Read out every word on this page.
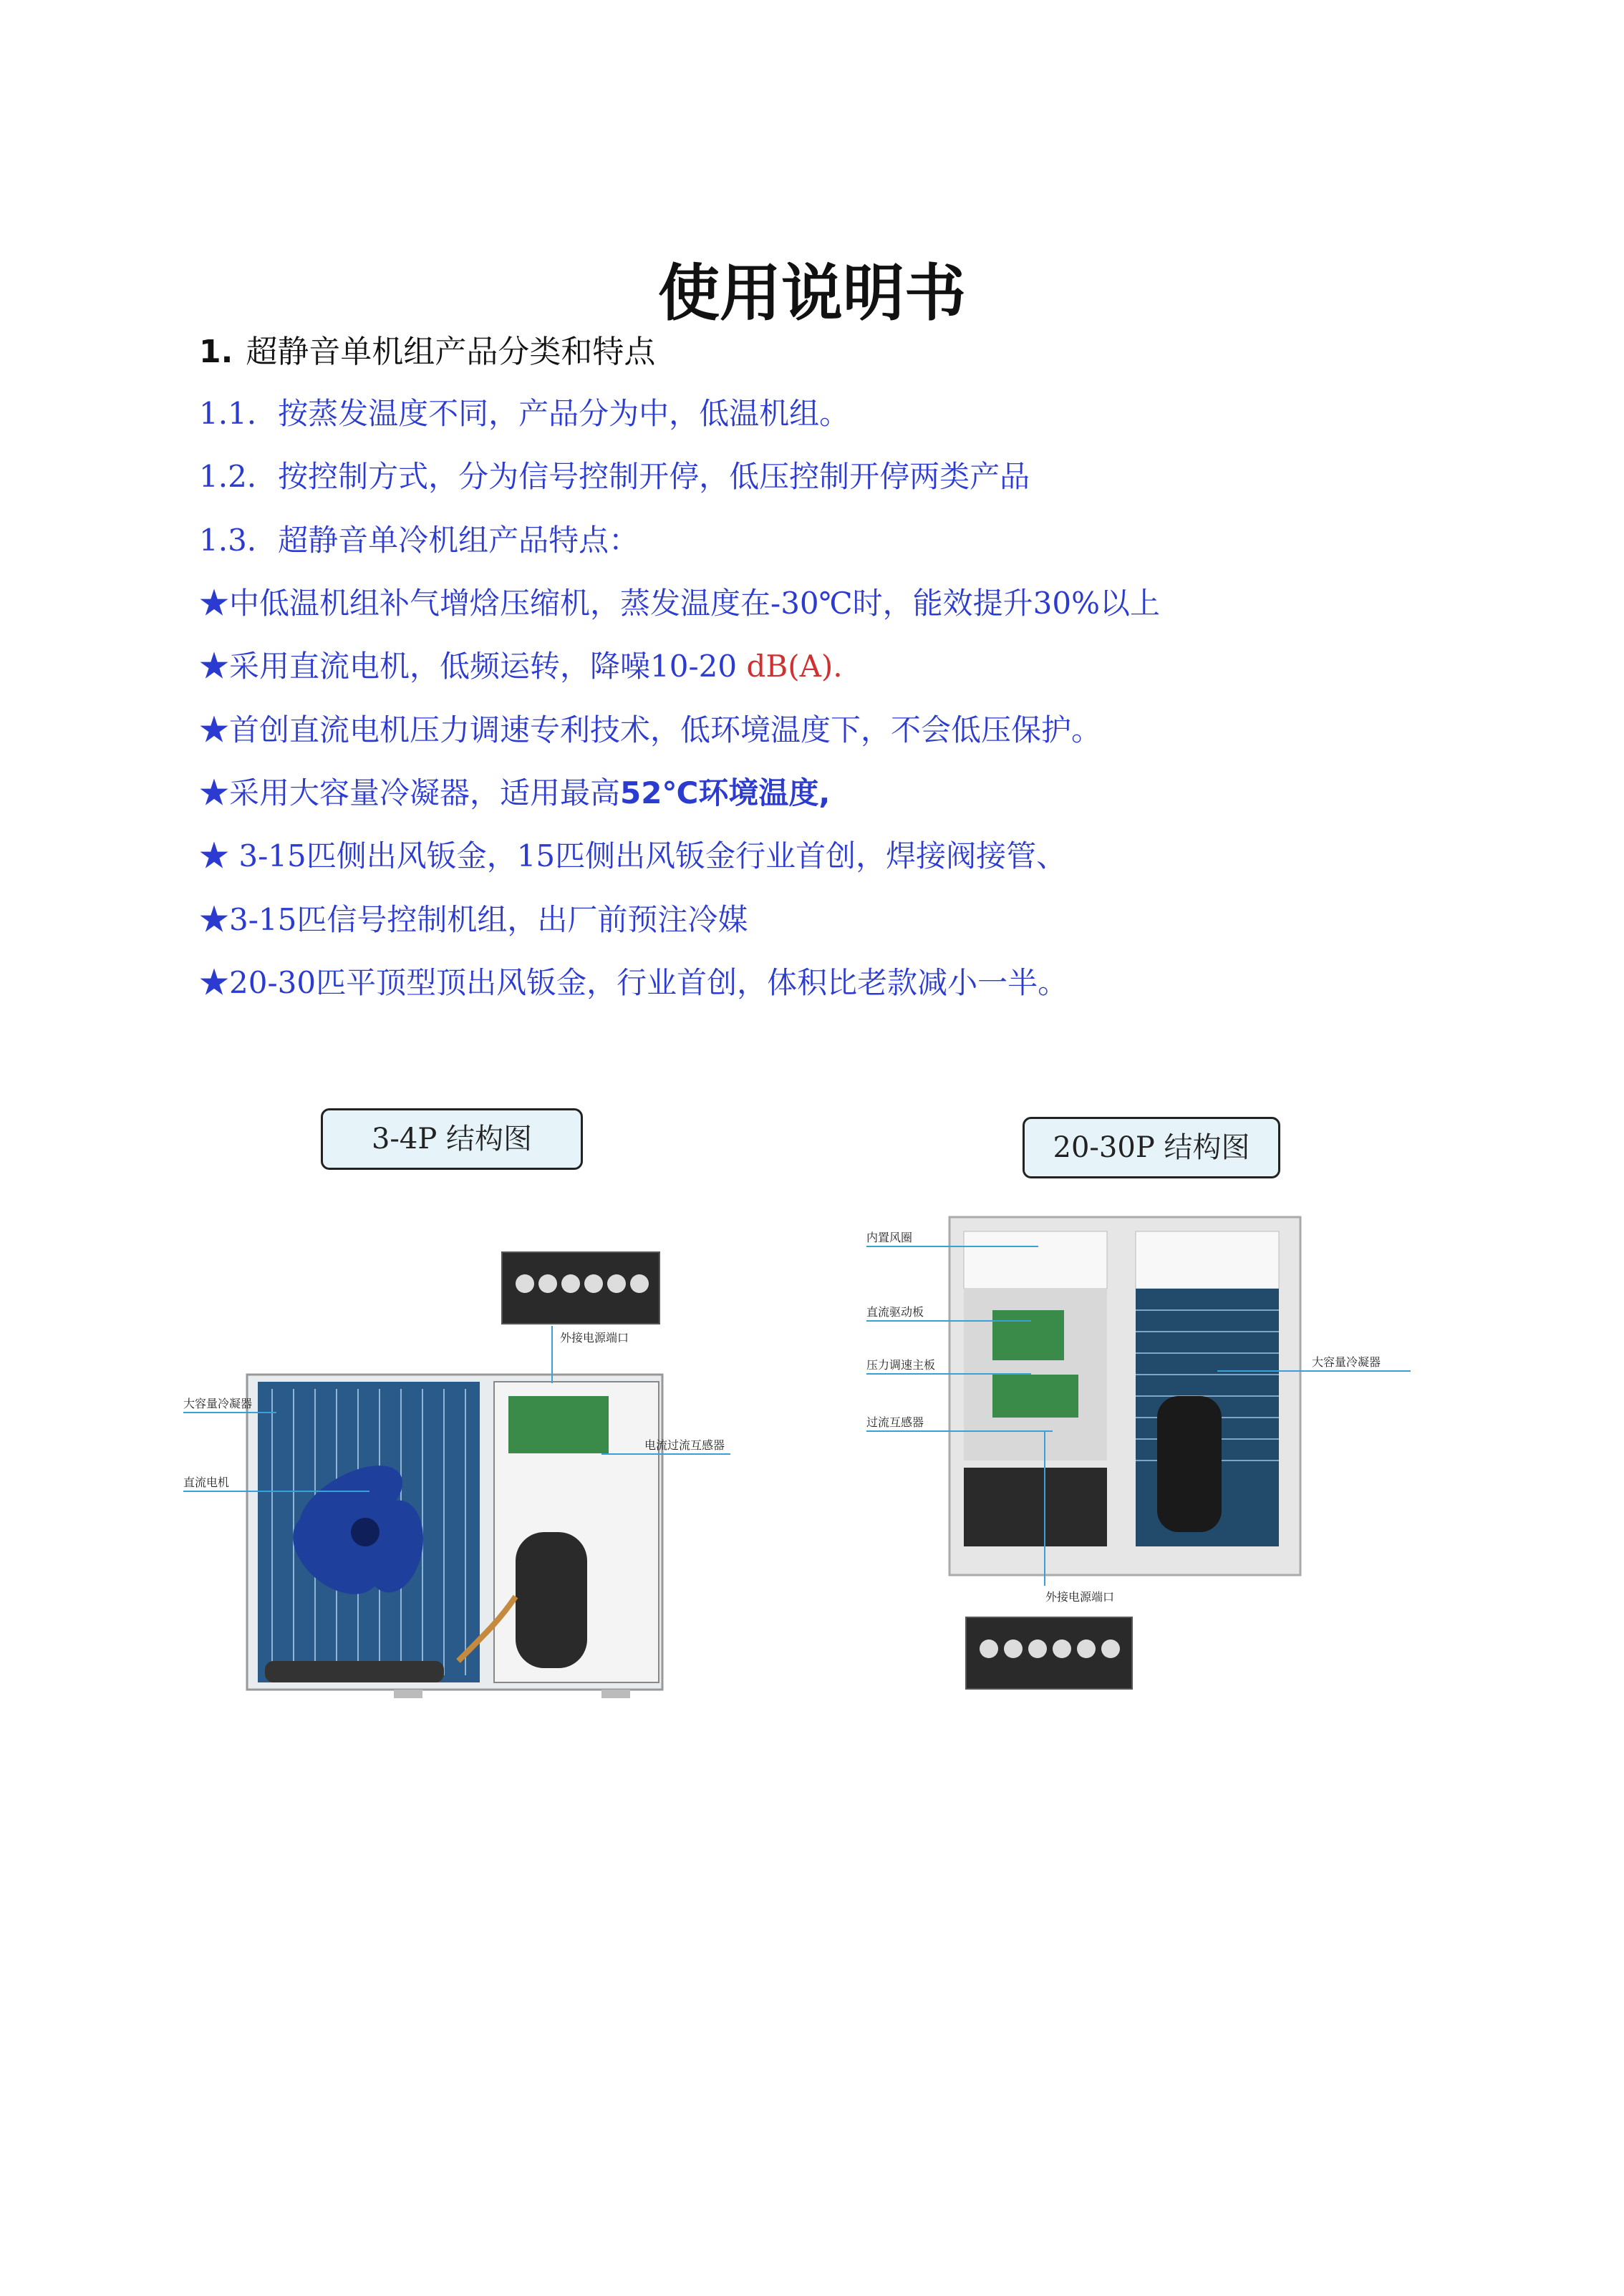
使用说明书
1. 超静音单机组产品分类和特点
1.1. 按蒸发温度不同，产品分为中，低温机组。
1.2. 按控制方式，分为信号控制开停，低压控制开停两类产品
1.3. 超静音单冷机组产品特点：
★中低温机组补气增焓压缩机，蒸发温度在-30℃时，能效提升30%以上
★采用直流电机，低频运转，降噪10-20 dB(A).
★首创直流电机压力调速专利技术，低环境温度下，不会低压保护。
★采用大容量冷凝器，适用最高52℃环境温度,
★ 3-15匹侧出风钣金，15匹侧出风钣金行业首创，焊接阀接管、
★3-15匹信号控制机组，出厂前预注冷媒
★20-30匹平顶型顶出风钣金，行业首创，体积比老款减小一半。
3-4P 结构图
外接电源端口
大容量冷凝器
直流电机
电流过流互感器
20-30P 结构图
内置风圈
直流驱动板
压力调速主板
过流互感器
大容量冷凝器
外接电源端口
